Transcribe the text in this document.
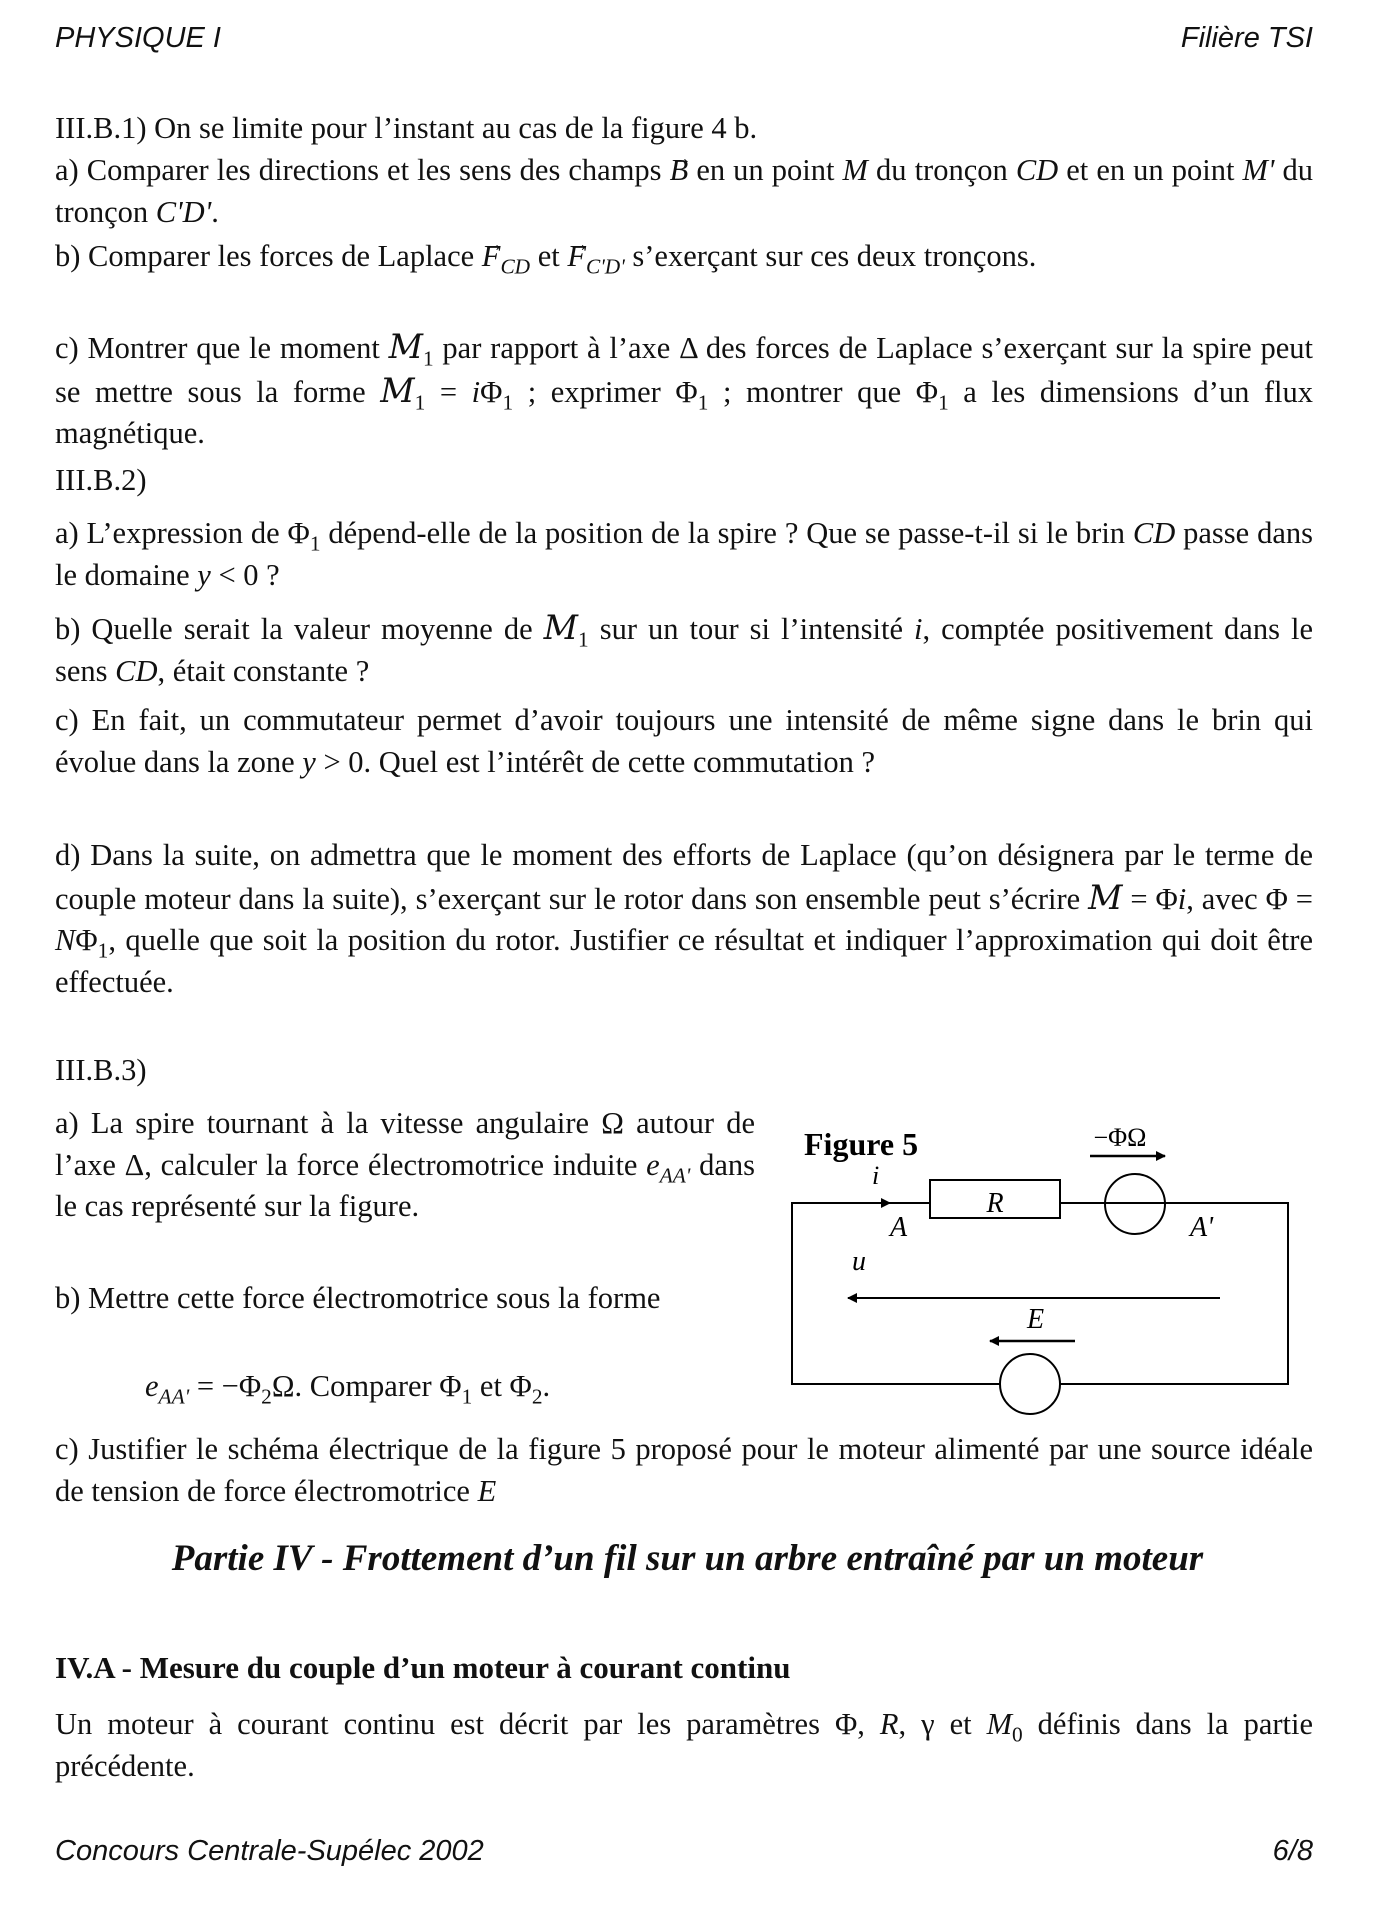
PHYSIQUE I	Filière TSI
III.B.1) On se limite pour l’instant au cas de la figure 4 b.
a) Comparer les directions et les sens des champs → B en un point M du tronçon CD et en un point M' du tronçon C'D'.
b) Comparer les forces de Laplace → $F_{CD}$ et → $F_{C'D'}$ s’exerçant sur ces deux tronçons.
c) Montrer que le moment $M_1$ par rapport à l’axe Δ des forces de Laplace s’exerçant sur la spire peut se mettre sous la forme $M_1 = i\Phi_1$ ; exprimer $\Phi_1$ ; montrer que $\Phi_1$ a les dimensions d’un flux magnétique.
III.B.2)
a) L’expression de $\Phi_1$ dépend-elle de la position de la spire ? Que se passe-t-il si le brin CD passe dans le domaine y < 0 ?
b) Quelle serait la valeur moyenne de $M_1$ sur un tour si l’intensité i, comptée positivement dans le sens CD, était constante ?
c) En fait, un commutateur permet d’avoir toujours une intensité de même signe dans le brin qui évolue dans la zone y > 0. Quel est l’intérêt de cette commutation ?
d) Dans la suite, on admettra que le moment des efforts de Laplace (qu’on désignera par le terme de couple moteur dans la suite), s’exerçant sur le rotor dans son ensemble peut s’écrire M = Φi, avec $\Phi = N\Phi_1$, quelle que soit la position du rotor. Justifier ce résultat et indiquer l’approximation qui doit être effectuée.
III.B.3)
a) La spire tournant à la vitesse angulaire Ω autour de l’axe Δ, calculer la force électromotrice induite $e_{AA'}$ dans le cas représenté sur la figure.
b) Mettre cette force électromotrice sous la forme
$e_{AA'} = -\Phi_2\Omega$. Comparer $\Phi_1$ et $\Phi_2$.
c) Justifier le schéma électrique de la figure 5 proposé pour le moteur alimenté par une source idéale de tension de force électromotrice E
Un moteur à courant continu est décrit par les paramètres Φ, R, γ et $M_0$ définis dans la partie précédente.
Partie IV - Frottement d’un fil sur un arbre entraîné par un moteur
IV.A - Mesure du couple d’un moteur à courant continu
Figure 5
R
−ΦΩ
i
A	A'
u
E
Concours Centrale-Supélec 2002	6/8
